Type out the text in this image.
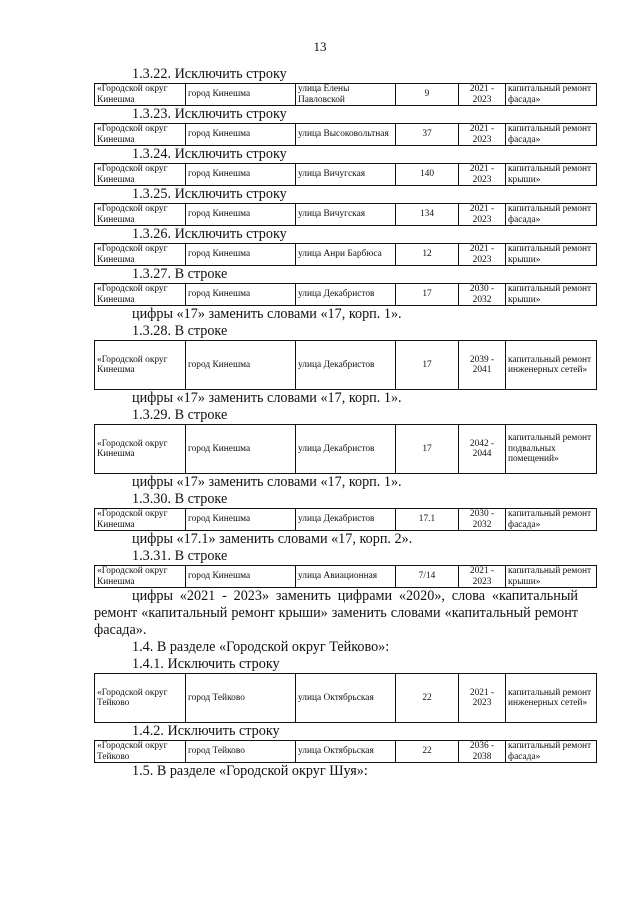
13
1.3.22. Исключить строку
«Городской округ Кинешма	город Кинешма	улица Елены Павловской	9	2021 - 2023	капитальный ремонт фасада»
1.3.23. Исключить строку
«Городской округ Кинешма	город Кинешма	улица Высоковольтная	37	2021 - 2023	капитальный ремонт фасада»
1.3.24. Исключить строку
«Городской округ Кинешма	город Кинешма	улица Вичугская	140	2021 - 2023	капитальный ремонт крыши»
1.3.25. Исключить строку
«Городской округ Кинешма	город Кинешма	улица Вичугская	134	2021 - 2023	капитальный ремонт фасада»
1.3.26. Исключить строку
«Городской округ Кинешма	город Кинешма	улица Анри Барбюса	12	2021 - 2023	капитальный ремонт крыши»
1.3.27. В строке
«Городской округ Кинешма	город Кинешма	улица Декабристов	17	2030 - 2032	капитальный ремонт крыши»
цифры «17» заменить словами «17, корп. 1».
1.3.28. В строке
«Городской округ Кинешма	город Кинешма	улица Декабристов	17	2039 - 2041	капитальный ремонт инженерных сетей»
цифры «17» заменить словами «17, корп. 1».
1.3.29. В строке
«Городской округ Кинешма	город Кинешма	улица Декабристов	17	2042 - 2044	капитальный ремонт подвальных помещений»
цифры «17» заменить словами «17, корп. 1».
1.3.30. В строке
«Городской округ Кинешма	город Кинешма	улица Декабристов	17.1	2030 - 2032	капитальный ремонт фасада»
цифры «17.1» заменить словами «17, корп. 2».
1.3.31. В строке
«Городской округ Кинешма	город Кинешма	улица Авиационная	7/14	2021 - 2023	капитальный ремонт крыши»
цифры «2021 - 2023» заменить цифрами «2020», слова «капитальный ремонт «капитальный ремонт крыши» заменить словами «капитальный ремонт фасада».
1.4. В разделе «Городской округ Тейково»:
1.4.1. Исключить строку
«Городской округ Тейково	город Тейково	улица Октябрьская	22	2021 - 2023	капитальный ремонт инженерных сетей»
1.4.2. Исключить строку
«Городской округ Тейково	город Тейково	улица Октябрьская	22	2036 - 2038	капитальный ремонт фасада»
1.5. В разделе «Городской округ Шуя»:
